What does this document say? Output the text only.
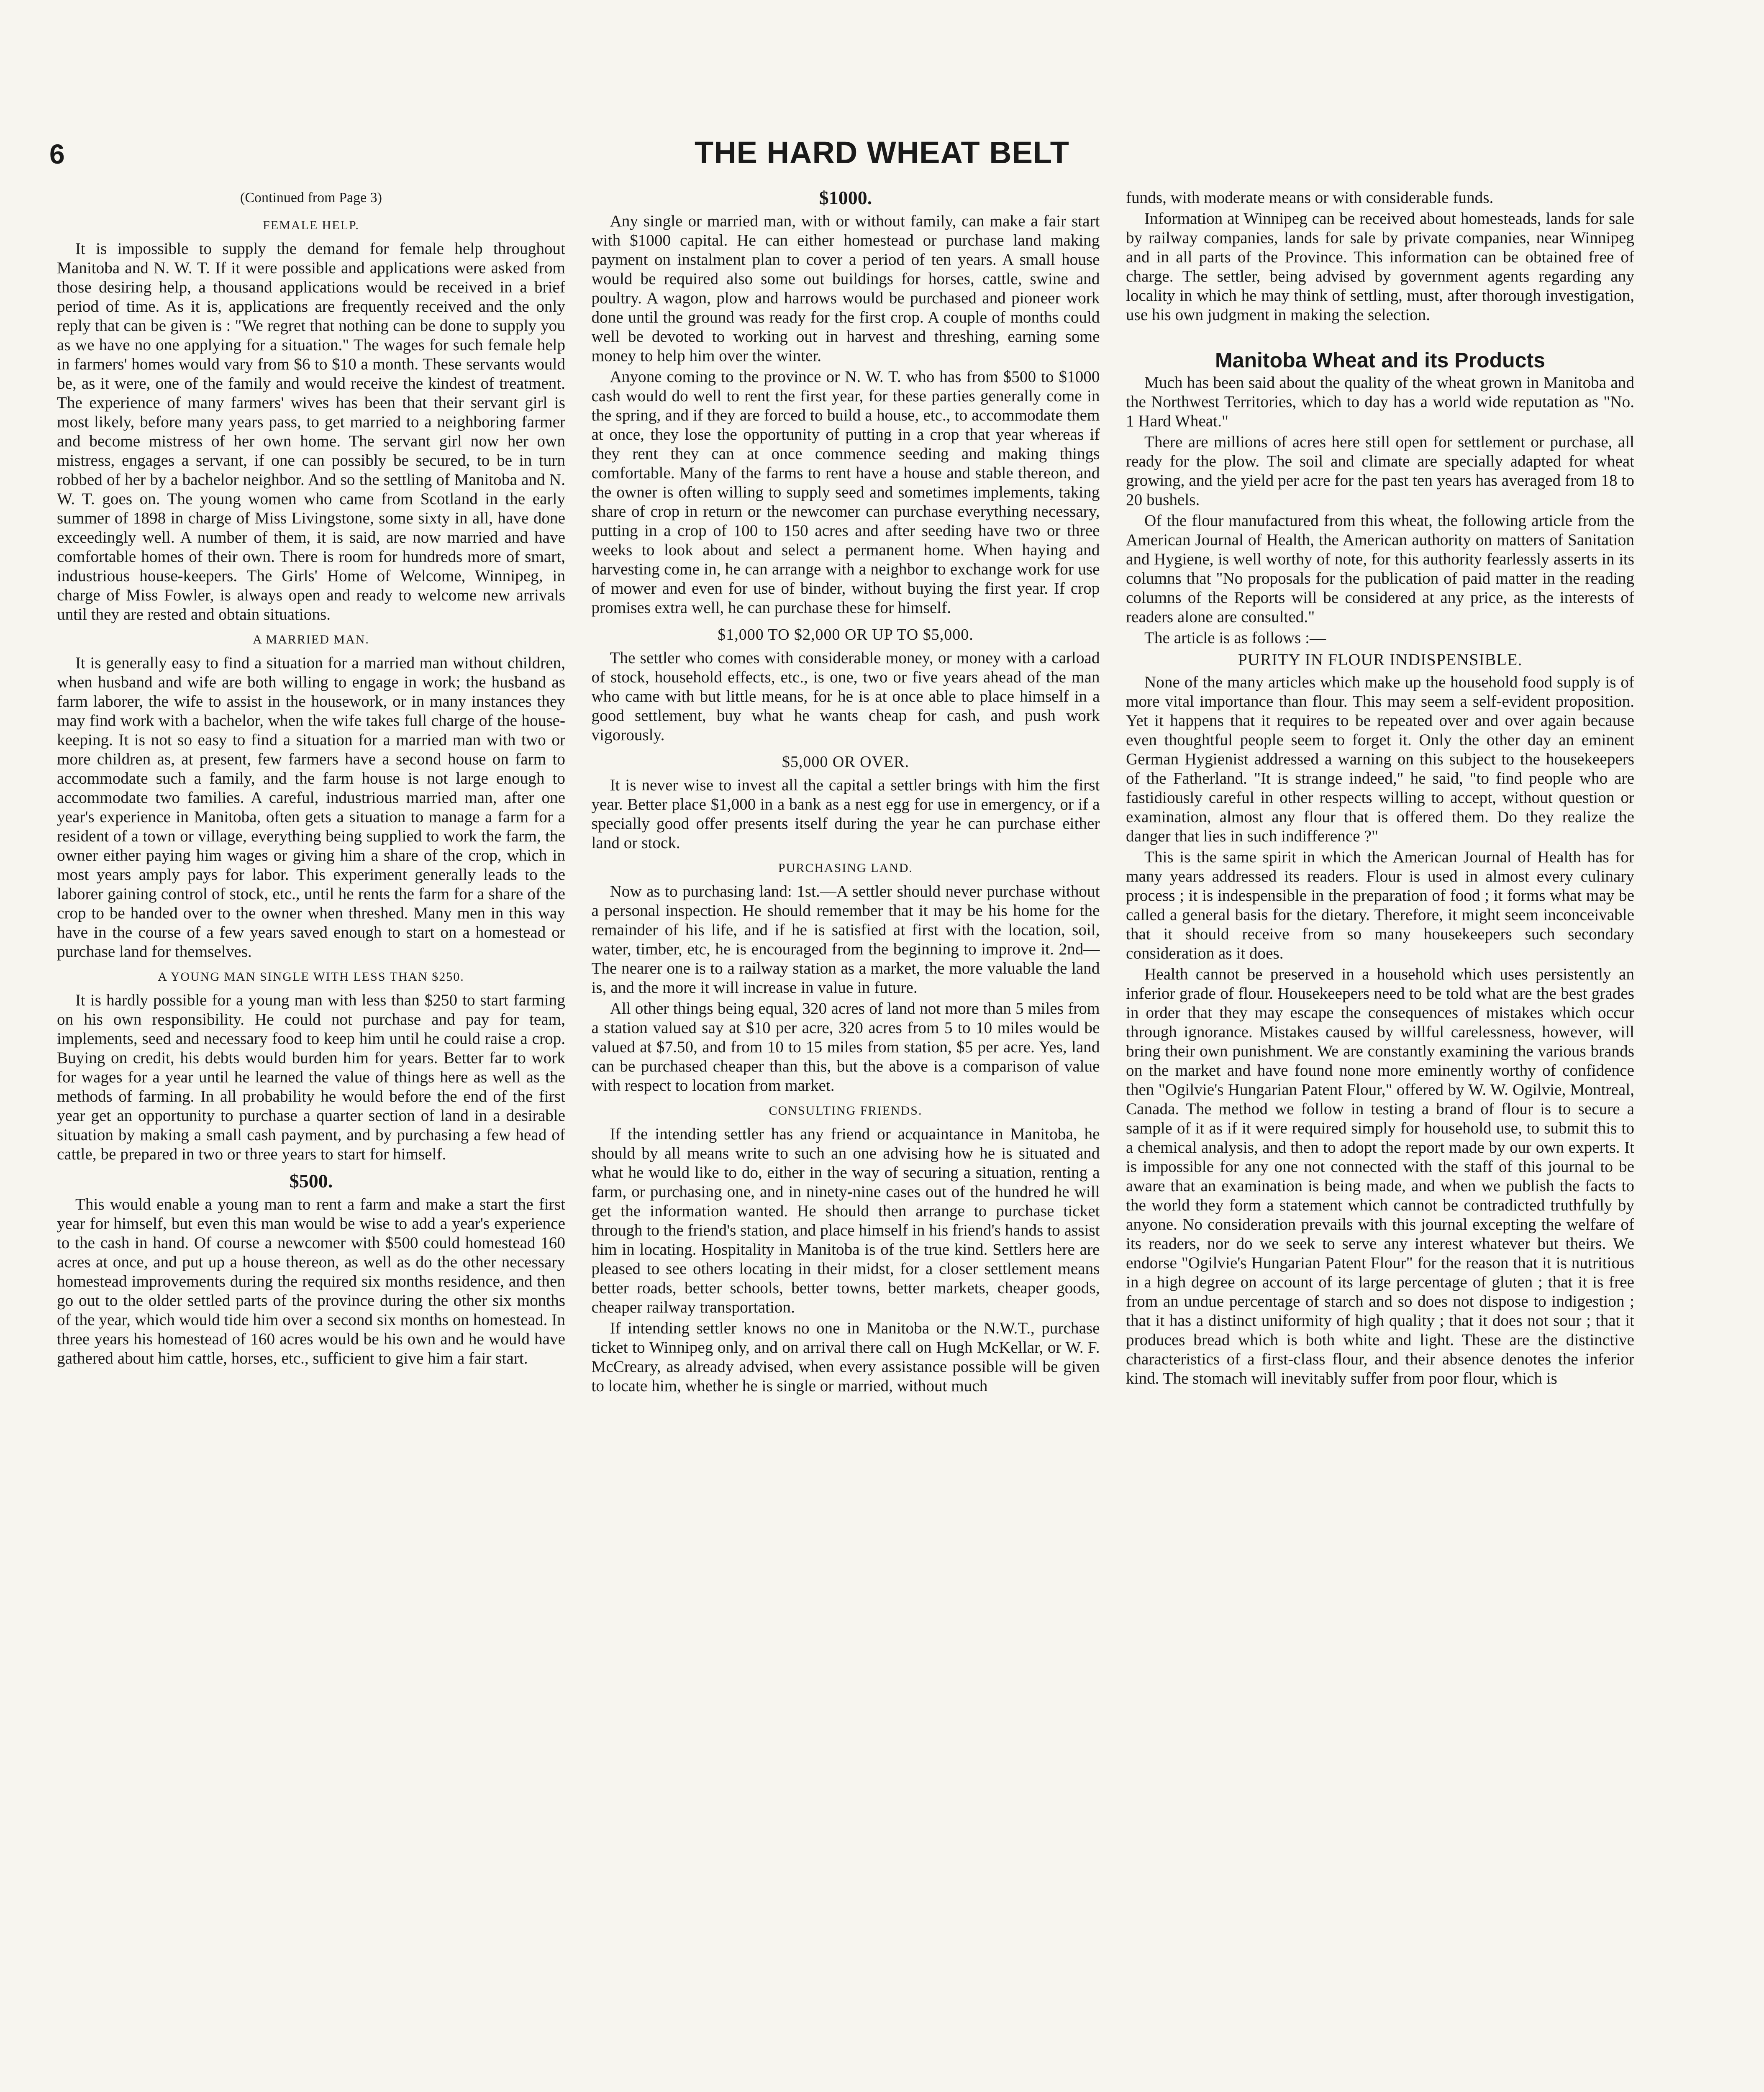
6	THE HARD WHEAT BELT
(Continued from Page 3)
FEMALE HELP.

It is impossible to supply the demand for female help throughout Manitoba and N. W. T. If it were possible and applications were asked from those desiring help, a thousand applications would be received in a brief period of time. As it is, applications are frequently received and the only reply that can be given is : "We regret that nothing can be done to supply you as we have no one applying for a situation." The wages for such female help in farmers' homes would vary from $6 to $10 a month. These servants would be, as it were, one of the family and would receive the kindest of treatment. The experience of many farmers' wives has been that their servant girl is most likely, before many years pass, to get married to a neighboring farmer and become mistress of her own home. The servant girl now her own mistress, engages a servant, if one can possibly be secured, to be in turn robbed of her by a bachelor neighbor. And so the settling of Manitoba and N. W. T. goes on. The young women who came from Scotland in the early summer of 1898 in charge of Miss Livingstone, some sixty in all, have done exceedingly well. A number of them, it is said, are now married and have comfortable homes of their own. There is room for hundreds more of smart, industrious house-keepers. The Girls' Home of Welcome, Winnipeg, in charge of Miss Fowler, is always open and ready to welcome new arrivals until they are rested and obtain situations.

A MARRIED MAN.

It is generally easy to find a situation for a married man without children, when husband and wife are both willing to engage in work; the husband as farm laborer, the wife to assist in the housework, or in many instances they may find work with a bachelor, when the wife takes full charge of the house-keeping. It is not so easy to find a situation for a married man with two or more children as, at present, few farmers have a second house on farm to accommodate such a family, and the farm house is not large enough to accommodate two families. A careful, industrious married man, after one year's experience in Manitoba, often gets a situation to manage a farm for a resident of a town or village, everything being supplied to work the farm, the owner either paying him wages or giving him a share of the crop, which in most years amply pays for labor. This experiment generally leads to the laborer gaining control of stock, etc., until he rents the farm for a share of the crop to be handed over to the owner when threshed. Many men in this way have in the course of a few years saved enough to start on a homestead or purchase land for themselves.

A YOUNG MAN SINGLE WITH LESS THAN $250.

It is hardly possible for a young man with less than $250 to start farming on his own responsibility. He could not purchase and pay for team, implements, seed and necessary food to keep him until he could raise a crop. Buying on credit, his debts would burden him for years. Better far to work for wages for a year until he learned the value of things here as well as the methods of farming. In all probability he would before the end of the first year get an opportunity to purchase a quarter section of land in a desirable situation by making a small cash payment, and by purchasing a few head of cattle, be prepared in two or three years to start for himself.

$500.

This would enable a young man to rent a farm and make a start the first year for himself, but even this man would be wise to add a year's experience to the cash in hand. Of course a newcomer with $500 could homestead 160 acres at once, and put up a house thereon, as well as do the other necessary homestead improvements during the required six months residence, and then go out to the older settled parts of the province during the other six months of the year, which would tide him over a second six months on homestead. In three years his homestead of 160 acres would be his own and he would have gathered about him cattle, horses, etc., sufficient to give him a fair start.

$1000.

Any single or married man, with or without family, can make a fair start with $1000 capital. He can either homestead or purchase land making payment on instalment plan to cover a period of ten years. A small house would be required also some out buildings for horses, cattle, swine and poultry. A wagon, plow and harrows would be purchased and pioneer work done until the ground was ready for the first crop. A couple of months could well be devoted to working out in harvest and threshing, earning some money to help him over the winter.

Anyone coming to the province or N. W. T. who has from $500 to $1000 cash would do well to rent the first year, for these parties generally come in the spring, and if they are forced to build a house, etc., to accommodate them at once, they lose the opportunity of putting in a crop that year whereas if they rent they can at once commence seeding and making things comfortable. Many of the farms to rent have a house and stable thereon, and the owner is often willing to supply seed and sometimes implements, taking share of crop in return or the newcomer can purchase everything necessary, putting in a crop of 100 to 150 acres and after seeding have two or three weeks to look about and select a permanent home. When haying and harvesting come in, he can arrange with a neighbor to exchange work for use of mower and even for use of binder, without buying the first year. If crop promises extra well, he can purchase these for himself.

$1,000 TO $2,000 OR UP TO $5,000.

The settler who comes with considerable money, or money with a carload of stock, household effects, etc., is one, two or five years ahead of the man who came with but little means, for he is at once able to place himself in a good settlement, buy what he wants cheap for cash, and push work vigorously.

$5,000 OR OVER.

It is never wise to invest all the capital a settler brings with him the first year. Better place $1,000 in a bank as a nest egg for use in emergency, or if a specially good offer presents itself during the year he can purchase either land or stock.

PURCHASING LAND.

Now as to purchasing land: 1st.—A settler should never purchase without a personal inspection. He should remember that it may be his home for the remainder of his life, and if he is satisfied at first with the location, soil, water, timber, etc, he is encouraged from the beginning to improve it. 2nd—The nearer one is to a railway station as a market, the more valuable the land is, and the more it will increase in value in future.

All other things being equal, 320 acres of land not more than 5 miles from a station valued say at $10 per acre, 320 acres from 5 to 10 miles would be valued at $7.50, and from 10 to 15 miles from station, $5 per acre. Yes, land can be purchased cheaper than this, but the above is a comparison of value with respect to location from market.

CONSULTING FRIENDS.

If the intending settler has any friend or acquaintance in Manitoba, he should by all means write to such an one advising how he is situated and what he would like to do, either in the way of securing a situation, renting a farm, or purchasing one, and in ninety-nine cases out of the hundred he will get the information wanted. He should then arrange to purchase ticket through to the friend's station, and place himself in his friend's hands to assist him in locating. Hospitality in Manitoba is of the true kind. Settlers here are pleased to see others locating in their midst, for a closer settlement means better roads, better schools, better towns, better markets, cheaper goods, cheaper railway transportation.

If intending settler knows no one in Manitoba or the N.W.T., purchase ticket to Winnipeg only, and on arrival there call on Hugh McKellar, or W. F. McCreary, as already advised, when every assistance possible will be given to locate him, whether he is single or married, without much

funds, with moderate means or with considerable funds.

Information at Winnipeg can be received about homesteads, lands for sale by railway companies, lands for sale by private companies, near Winnipeg and in all parts of the Province. This information can be obtained free of charge. The settler, being advised by government agents regarding any locality in which he may think of settling, must, after thorough investigation, use his own judgment in making the selection.

Manitoba Wheat and its Products

Much has been said about the quality of the wheat grown in Manitoba and the Northwest Territories, which to day has a world wide reputation as "No. 1 Hard Wheat."

There are millions of acres here still open for settlement or purchase, all ready for the plow. The soil and climate are specially adapted for wheat growing, and the yield per acre for the past ten years has averaged from 18 to 20 bushels.

Of the flour manufactured from this wheat, the following article from the American Journal of Health, the American authority on matters of Sanitation and Hygiene, is well worthy of note, for this authority fearlessly asserts in its columns that "No proposals for the publication of paid matter in the reading columns of the Reports will be considered at any price, as the interests of readers alone are consulted."

The article is as follows :—

PURITY IN FLOUR INDISPENSIBLE.

None of the many articles which make up the household food supply is of more vital importance than flour. This may seem a self-evident proposition. Yet it happens that it requires to be repeated over and over again because even thoughtful people seem to forget it. Only the other day an eminent German Hygienist addressed a warning on this subject to the housekeepers of the Fatherland. "It is strange indeed," he said, "to find people who are fastidiously careful in other respects willing to accept, without question or examination, almost any flour that is offered them. Do they realize the danger that lies in such indifference ?"

This is the same spirit in which the American Journal of Health has for many years addressed its readers. Flour is used in almost every culinary process ; it is indespensible in the preparation of food ; it forms what may be called a general basis for the dietary. Therefore, it might seem inconceivable that it should receive from so many housekeepers such secondary consideration as it does.

Health cannot be preserved in a household which uses persistently an inferior grade of flour. Housekeepers need to be told what are the best grades in order that they may escape the consequences of mistakes which occur through ignorance. Mistakes caused by willful carelessness, however, will bring their own punishment. We are constantly examining the various brands on the market and have found none more eminently worthy of confidence then "Ogilvie's Hungarian Patent Flour," offered by W. W. Ogilvie, Montreal, Canada. The method we follow in testing a brand of flour is to secure a sample of it as if it were required simply for household use, to submit this to a chemical analysis, and then to adopt the report made by our own experts. It is impossible for any one not connected with the staff of this journal to be aware that an examination is being made, and when we publish the facts to the world they form a statement which cannot be contradicted truthfully by anyone. No consideration prevails with this journal excepting the welfare of its readers, nor do we seek to serve any interest whatever but theirs. We endorse "Ogilvie's Hungarian Patent Flour" for the reason that it is nutritious in a high degree on account of its large percentage of gluten ; that it is free from an undue percentage of starch and so does not dispose to indigestion ; that it has a distinct uniformity of high quality ; that it does not sour ; that it produces bread which is both white and light. These are the distinctive characteristics of a first-class flour, and their absence denotes the inferior kind. The stomach will inevitably suffer from poor flour, which is
